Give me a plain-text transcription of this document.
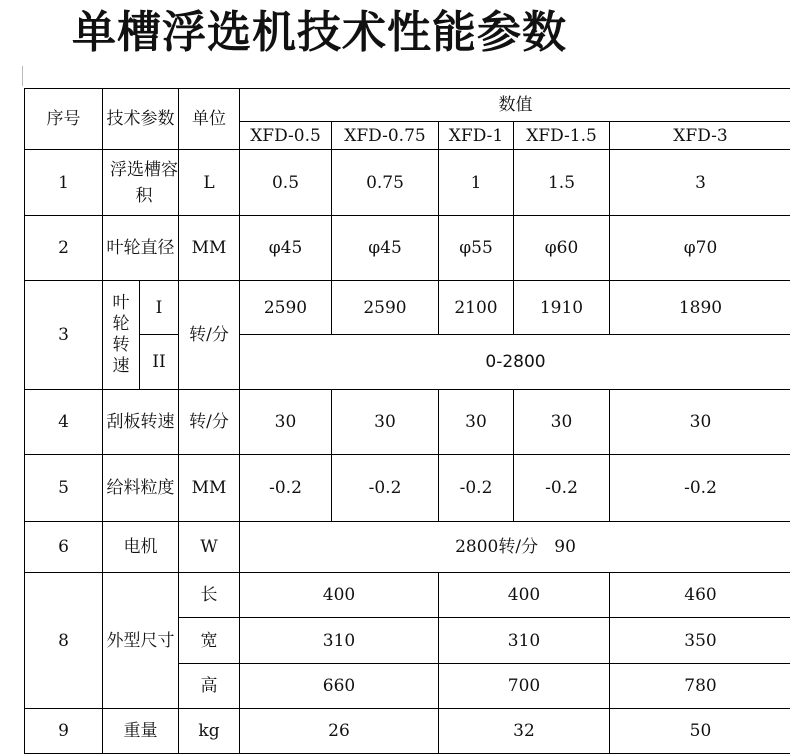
单槽浮选机技术性能参数
序号	技术参数		单位	数值				
				XFD-0.5	XFD-0.75	XFD-1	XFD-1.5	XFD-3
1	浮选槽容积		L	0.5	0.75	1	1.5	3
2	叶轮直径		MM	φ45	φ45	φ55	φ60	φ70
3	叶轮转速	I	转/分	2590	2590	2100	1910	1890
		II		0-2800				
4	刮板转速		转/分	30	30	30	30	30
5	给料粒度		MM	-0.2	-0.2	-0.2	-0.2	-0.2
6	电机		W	2800转/分   90				
8	外型尺寸		长	400		400		460
			宽	310		310		350
			高	660		700		780
9	重量		kg	26		32		50
